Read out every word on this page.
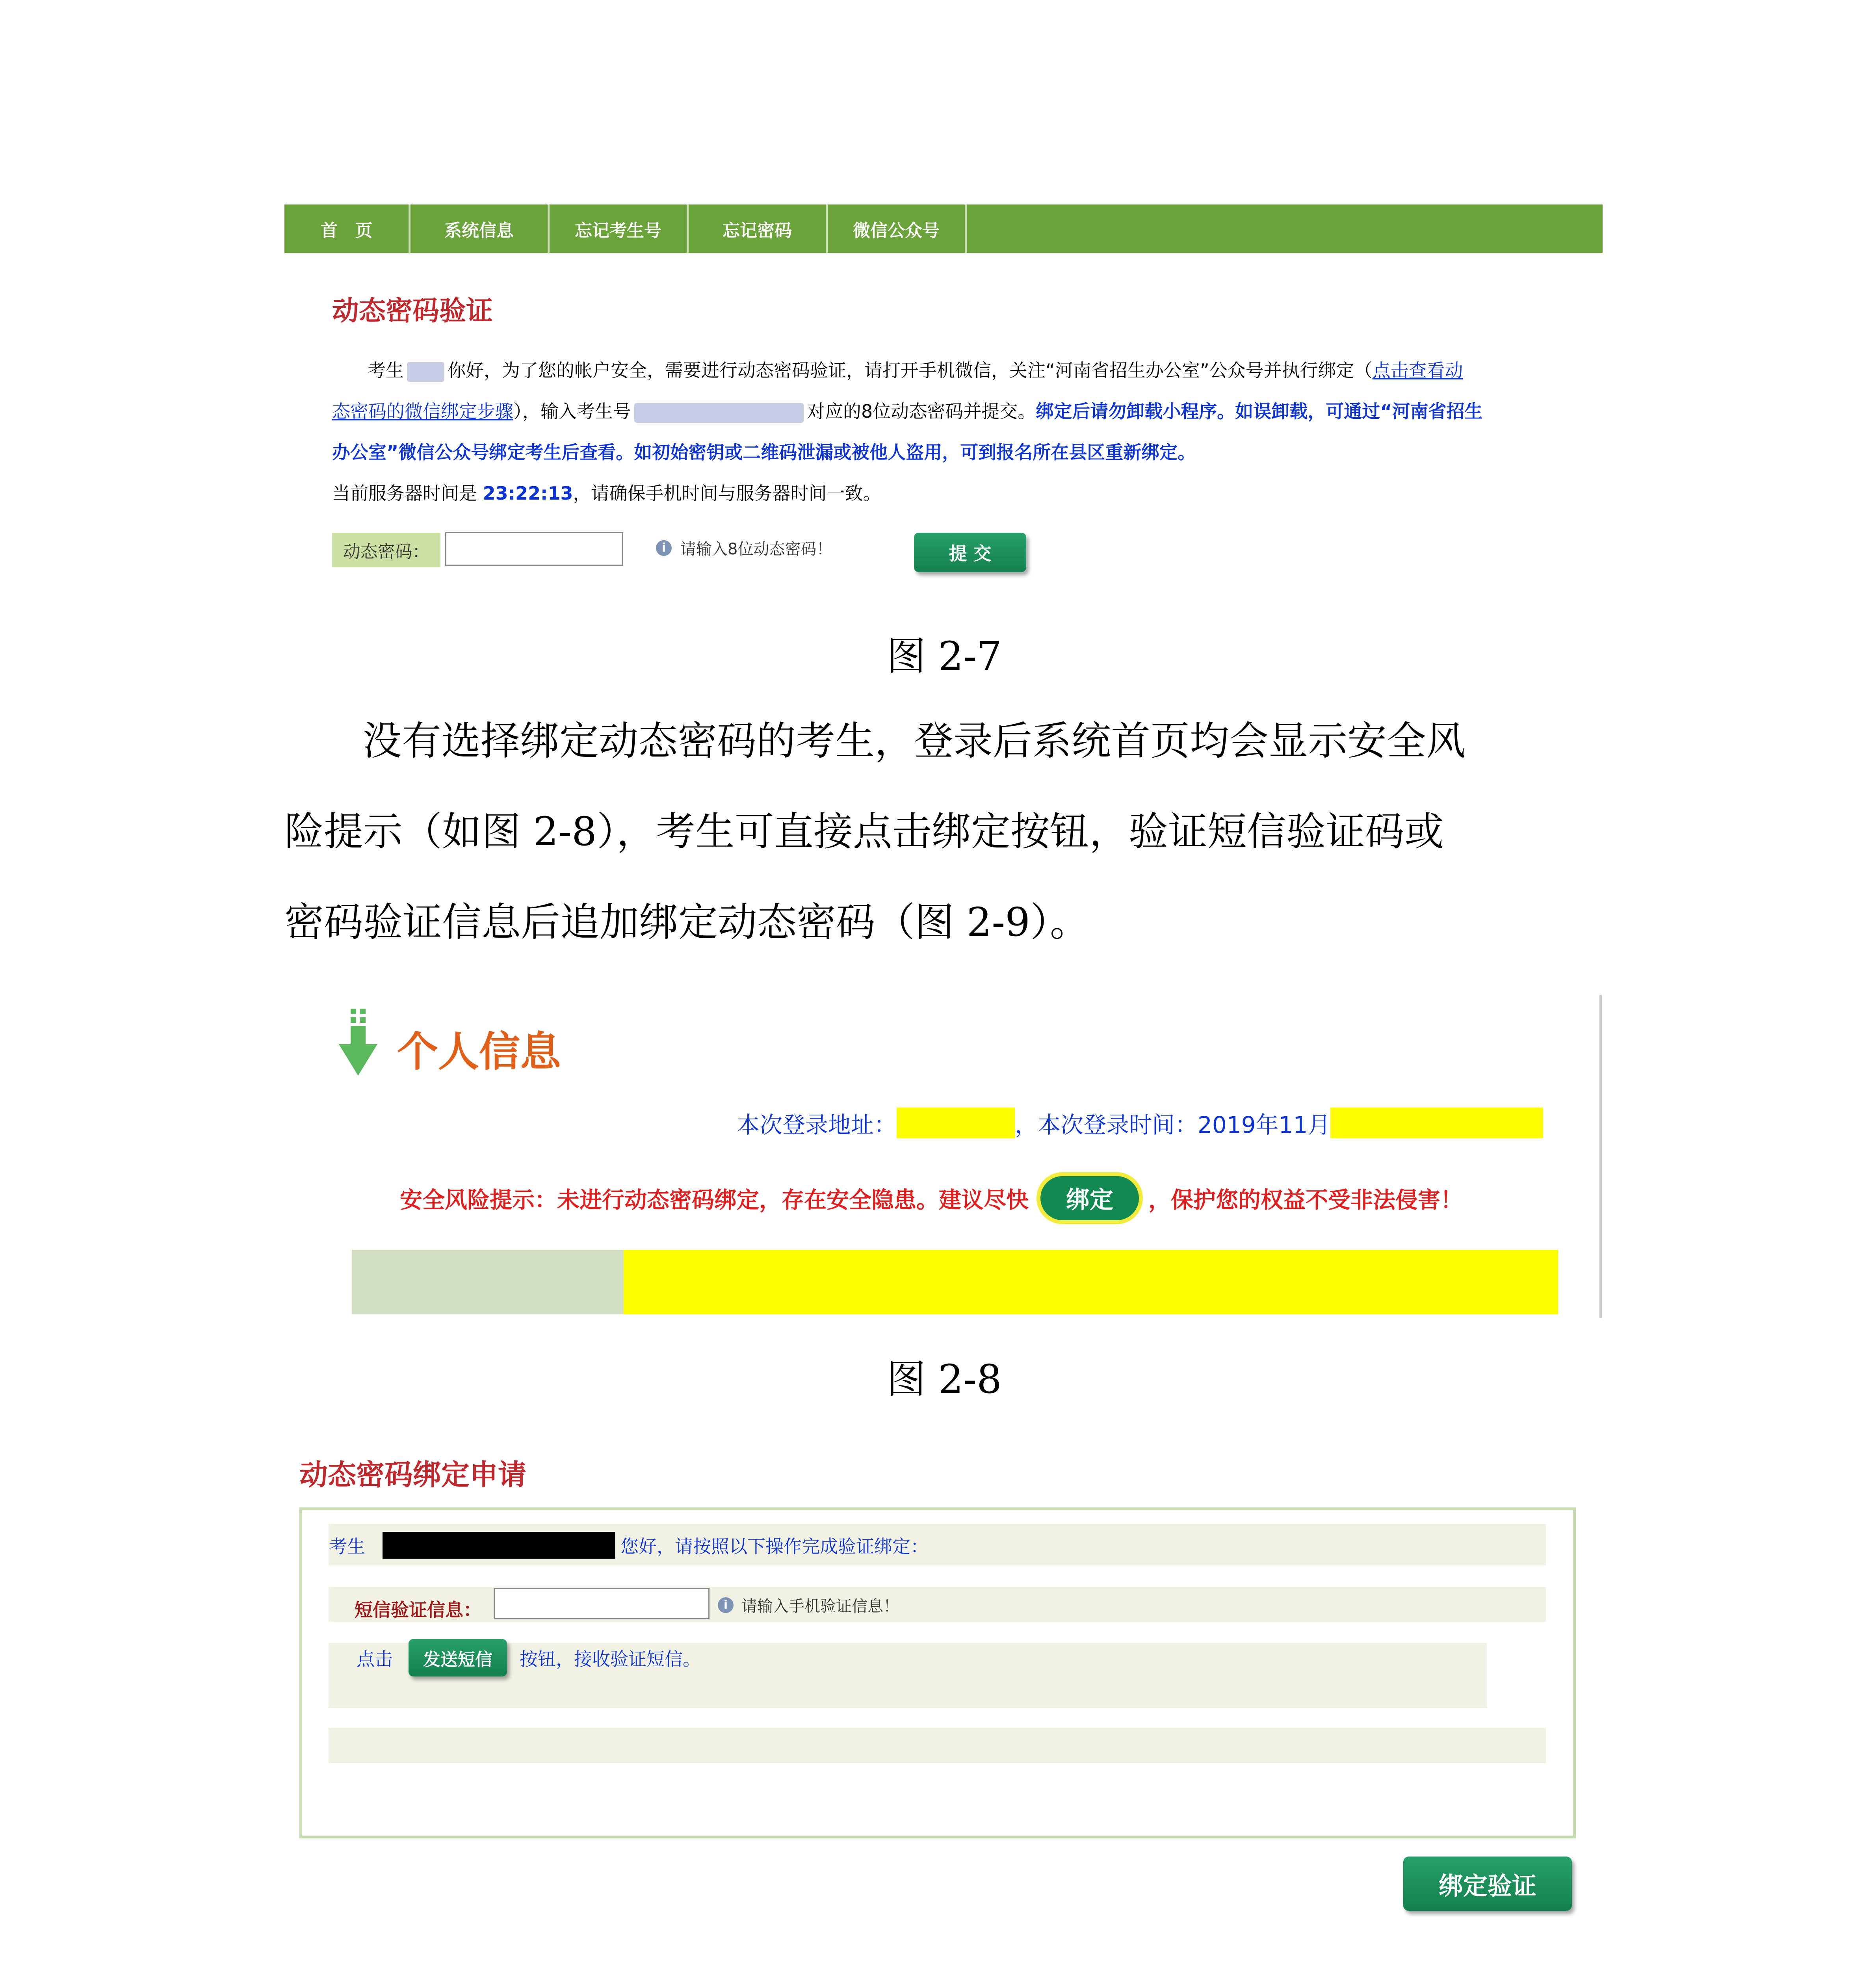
首　页	系统信息	忘记考生号	忘记密码	微信公众号
动态密码验证
考生 你好，为了您的帐户安全，需要进行动态密码验证，请打开手机微信，关注“河南省招生办公室”公众号并执行绑定（点击查看动
态密码的微信绑定步骤），输入考生号	对应的8位动态密码并提交。绑定后请勿卸载小程序。如误卸载，可通过“河南省招生
办公室”微信公众号绑定考生后查看。如初始密钥或二维码泄漏或被他人盗用，可到报名所在县区重新绑定。
当前服务器时间是 23:22:13，请确保手机时间与服务器时间一致。
动态密码：	i 请输入8位动态密码！	提 交
图 2-7
没有选择绑定动态密码的考生，登录后系统首页均会显示安全风
险提示（如图 2-8），考生可直接点击绑定按钮，验证短信验证码或
密码验证信息后追加绑定动态密码（图 2-9）。
个人信息
本次登录地址：	，本次登录时间：2019年11月
安全风险提示：未进行动态密码绑定，存在安全隐患。建议尽快	绑定	，保护您的权益不受非法侵害！
图 2-8
动态密码绑定申请
考生	您好，请按照以下操作完成验证绑定：
短信验证信息：	i 请输入手机验证信息！
点击	发送短信	按钮，接收验证短信。
绑定验证
